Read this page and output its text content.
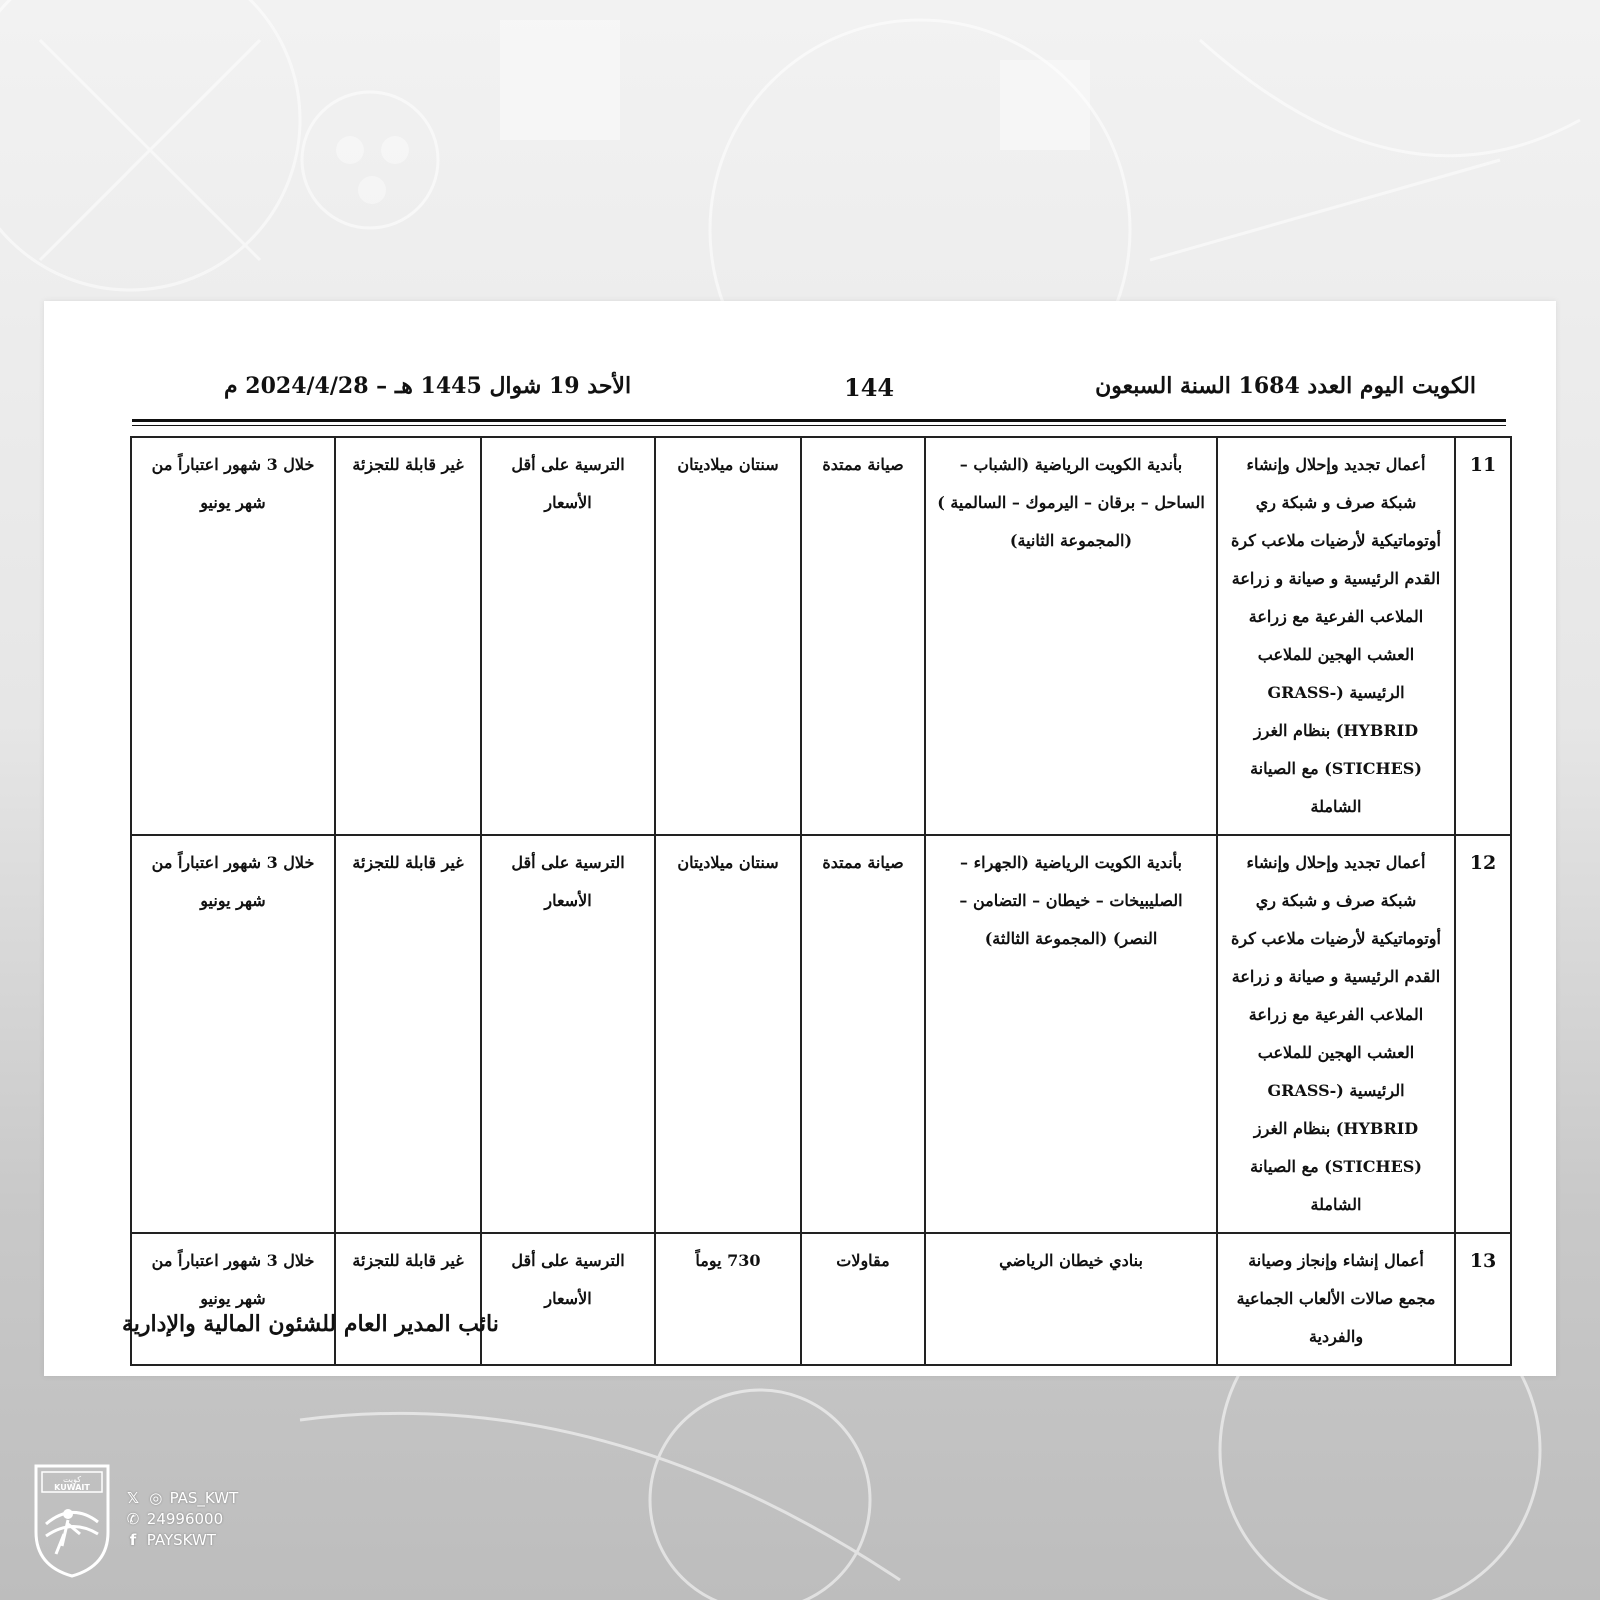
الكويت اليوم العدد 1684 السنة السبعون
144
الأحد 19 شوال 1445 هـ – 2024/4/28 م
11	أعمال تجديد وإحلال وإنشاء شبكة صرف و شبكة ري أوتوماتيكية لأرضيات ملاعب كرة القدم الرئيسية و صيانة و زراعة الملاعب الفرعية مع زراعة العشب الهجين للملاعب الرئيسية (-GRASS HYBRID) بنظام الغرز (STICHES) مع الصيانة الشاملة	بأندية الكويت الرياضية (الشباب – الساحل – برقان – اليرموك – السالمية ) (المجموعة الثانية)	صيانة ممتدة	سنتان ميلاديتان	الترسية على أقل الأسعار	غير قابلة للتجزئة	خلال 3 شهور اعتباراً من شهر يونيو
12	أعمال تجديد وإحلال وإنشاء شبكة صرف و شبكة ري أوتوماتيكية لأرضيات ملاعب كرة القدم الرئيسية و صيانة و زراعة الملاعب الفرعية مع زراعة العشب الهجين للملاعب الرئيسية (-GRASS HYBRID) بنظام الغرز (STICHES) مع الصيانة الشاملة	بأندية الكويت الرياضية (الجهراء – الصليبيخات – خيطان – التضامن – النصر) (المجموعة الثالثة)	صيانة ممتدة	سنتان ميلاديتان	الترسية على أقل الأسعار	غير قابلة للتجزئة	خلال 3 شهور اعتباراً من شهر يونيو
13	أعمال إنشاء وإنجاز وصيانة مجمع صالات الألعاب الجماعية والفردية	بنادي خيطان الرياضي	مقاولات	730 يوماً	الترسية على أقل الأسعار	غير قابلة للتجزئة	خلال 3 شهور اعتباراً من شهر يونيو
نائب المدير العام للشئون المالية والإدارية
كويت
KUWAIT
𝕏 ◎ PAS_KWT
✆ 24996000
f PAYSKWT
